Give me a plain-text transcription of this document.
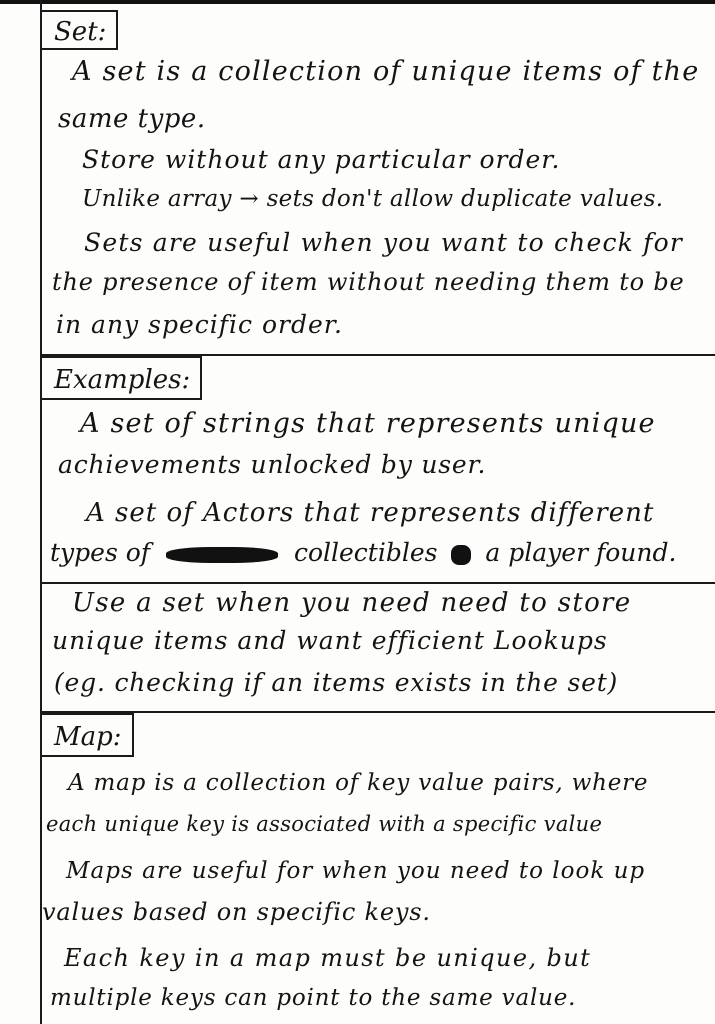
Set:
A set is a collection of unique items of the
same type.
Store without any particular order.
Unlike array → sets don't allow duplicate values.
Sets are useful when you want to check for
the presence of item without needing them to be
in any specific order.
Examples:
A set of strings that represents unique
achievements unlocked by user.
A set of Actors that represents different
types of	collectibles a player found.
Use a set when you need need to store
unique items and want efficient Lookups
(eg. checking if an items exists in the set)
Map:
A map is a collection of key value pairs, where
each unique key is associated with a specific value
Maps are useful for when you need to look up
values based on specific keys.
Each key in a map must be unique, but
multiple keys can point to the same value.
